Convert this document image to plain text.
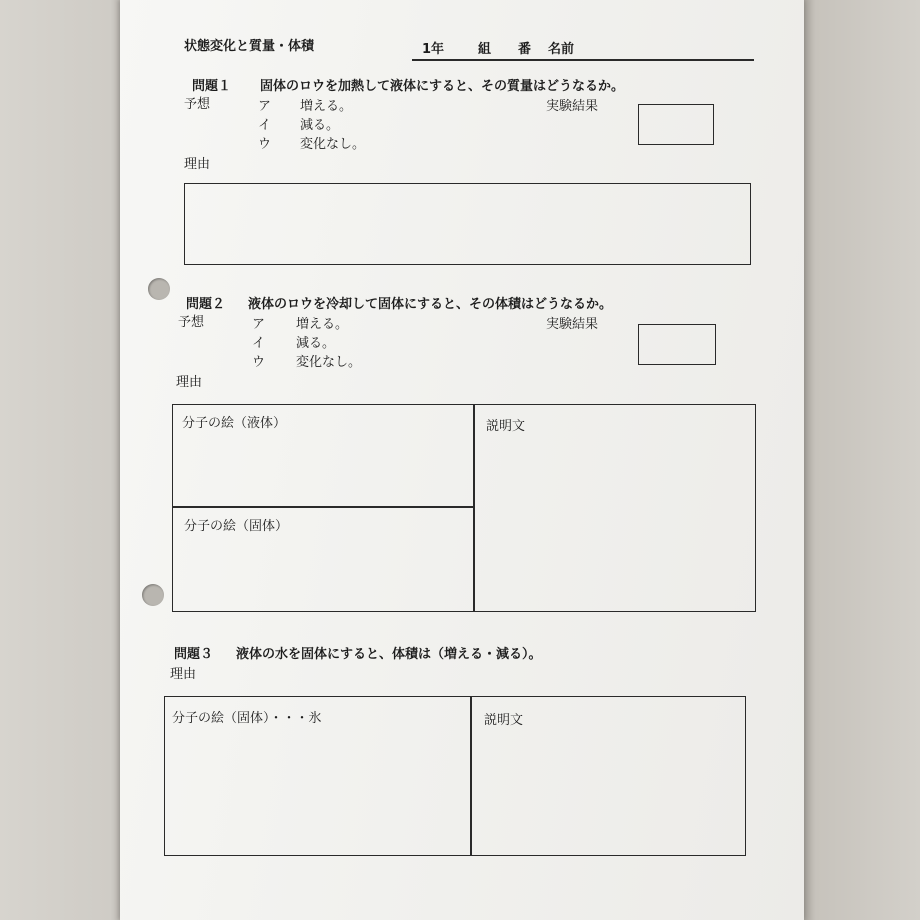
状態変化と質量・体積	1年	組 番 名前
問題１ 固体のロウを加熱して液体にすると、その質量はどうなるか。
予想	ア 増える。
イ 減る。
ウ 変化なし。
実験結果
理由
問題２ 液体のロウを冷却して固体にすると、その体積はどうなるか。
予想	ア 増える。
イ 減る。
ウ 変化なし。
実験結果
理由
分子の絵（液体）
分子の絵（固体）
説明文
問題３ 液体の水を固体にすると、体積は（増える・減る）。
理由
分子の絵（固体）・・・氷	説明文
